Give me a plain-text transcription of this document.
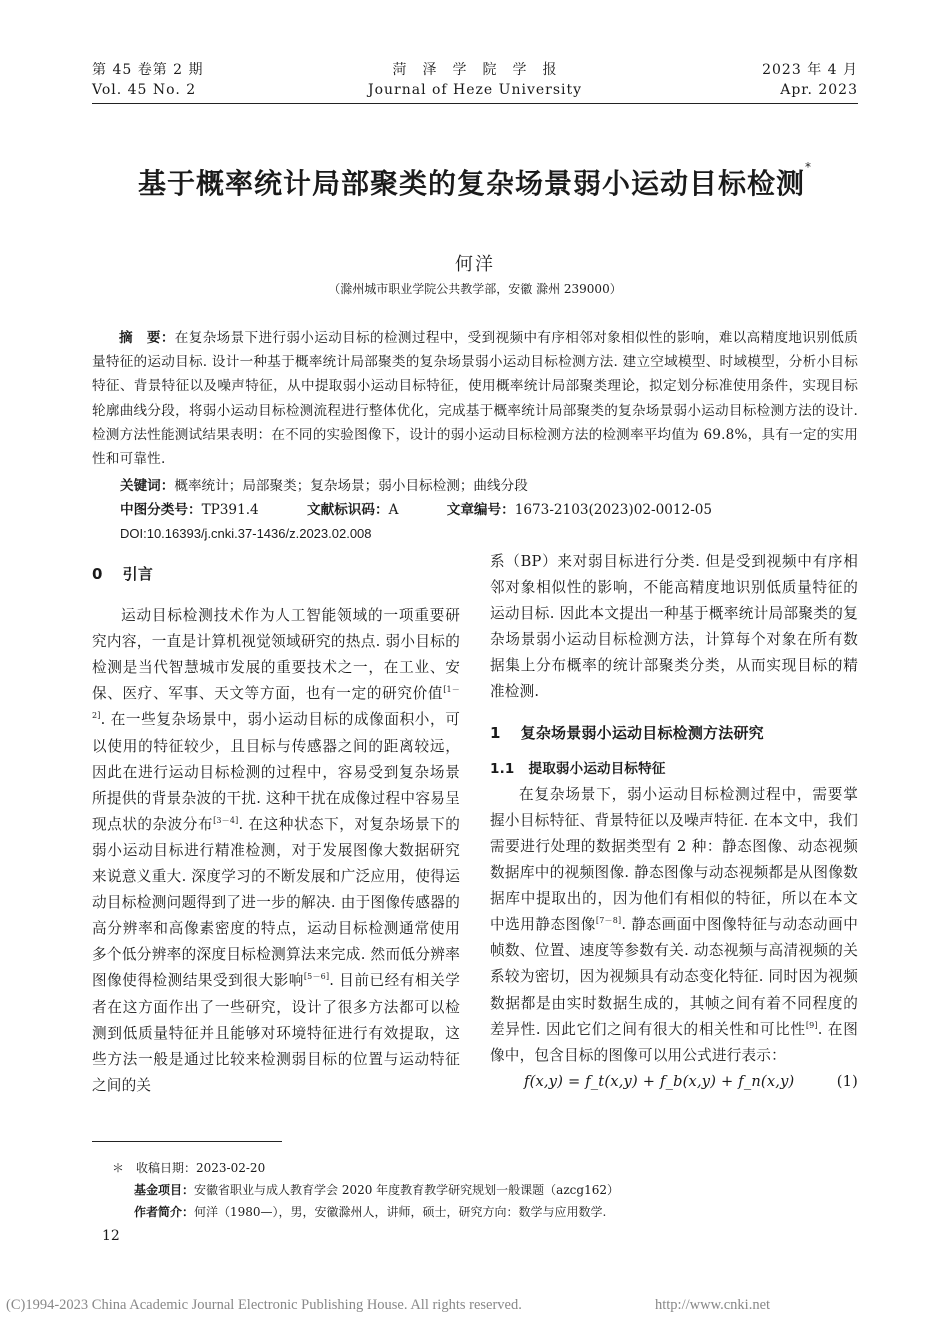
第 45 卷第 2 期
Vol. 45 No. 2
菏　泽　学　院　学　报
Journal of Heze University
2023 年 4 月
Apr. 2023
基于概率统计局部聚类的复杂场景弱小运动目标检测*
何洋
（滁州城市职业学院公共教学部，安徽 滁州 239000）
摘　要：在复杂场景下进行弱小运动目标的检测过程中，受到视频中有序相邻对象相似性的影响，难以高精度地识别低质量特征的运动目标. 设计一种基于概率统计局部聚类的复杂场景弱小运动目标检测方法. 建立空域模型、时域模型，分析小目标特征、背景特征以及噪声特征，从中提取弱小运动目标特征，使用概率统计局部聚类理论，拟定划分标准使用条件，实现目标轮廓曲线分段，将弱小运动目标检测流程进行整体优化，完成基于概率统计局部聚类的复杂场景弱小运动目标检测方法的设计. 检测方法性能测试结果表明：在不同的实验图像下，设计的弱小运动目标检测方法的检测率平均值为 69.8%，具有一定的实用性和可靠性.
关键词：概率统计；局部聚类；复杂场景；弱小目标检测；曲线分段
中图分类号：TP391.4	文献标识码：A	文章编号：1673-2103(2023)02-0012-05
DOI:10.16393/j.cnki.37-1436/z.2023.02.008
0 引言

运动目标检测技术作为人工智能领域的一项重要研究内容，一直是计算机视觉领域研究的热点. 弱小目标的检测是当代智慧城市发展的重要技术之一，在工业、安保、医疗、军事、天文等方面，也有一定的研究价值[1－2]. 在一些复杂场景中，弱小运动目标的成像面积小，可以使用的特征较少，且目标与传感器之间的距离较远，因此在进行运动目标检测的过程中，容易受到复杂场景所提供的背景杂波的干扰. 这种干扰在成像过程中容易呈现点状的杂波分布[3－4]. 在这种状态下，对复杂场景下的弱小运动目标进行精准检测，对于发展图像大数据研究来说意义重大. 深度学习的不断发展和广泛应用，使得运动目标检测问题得到了进一步的解决. 由于图像传感器的高分辨率和高像素密度的特点，运动目标检测通常使用多个低分辨率的深度目标检测算法来完成. 然而低分辨率图像使得检测结果受到很大影响[5－6]. 目前已经有相关学者在这方面作出了一些研究，设计了很多方法都可以检测到低质量特征并且能够对环境特征进行有效提取，这些方法一般是通过比较来检测弱目标的位置与运动特征之间的关

系（BP）来对弱目标进行分类. 但是受到视频中有序相邻对象相似性的影响，不能高精度地识别低质量特征的运动目标. 因此本文提出一种基于概率统计局部聚类的复杂场景弱小运动目标检测方法，计算每个对象在所有数据集上分布概率的统计部聚类分类，从而实现目标的精准检测.

1 复杂场景弱小运动目标检测方法研究
1.1 提取弱小运动目标特征

在复杂场景下，弱小运动目标检测过程中，需要掌握小目标特征、背景特征以及噪声特征. 在本文中，我们需要进行处理的数据类型有 2 种：静态图像、动态视频数据库中的视频图像. 静态图像与动态视频都是从图像数据库中提取出的，因为他们有相似的特征，所以在本文中选用静态图像[7－8]. 静态画面中图像特征与动态动画中帧数、位置、速度等参数有关. 动态视频与高清视频的关系较为密切，因为视频具有动态变化特征. 同时因为视频数据都是由实时数据生成的，其帧之间有着不同程度的差异性. 因此它们之间有很大的相关性和可比性[9]. 在图像中，包含目标的图像可以用公式进行表示：

f(x,y) = f_t(x,y) + f_b(x,y) + f_n(x,y)	(1)
＊　收稿日期：2023-02-20
基金项目：安徽省职业与成人教育学会 2020 年度教育教学研究规划一般课题（azcg162）
作者简介：何洋（1980—），男，安徽滁州人，讲师，硕士，研究方向：数学与应用数学.
12
(C)1994-2023 China Academic Journal Electronic Publishing House. All rights reserved.	http://www.cnki.net
